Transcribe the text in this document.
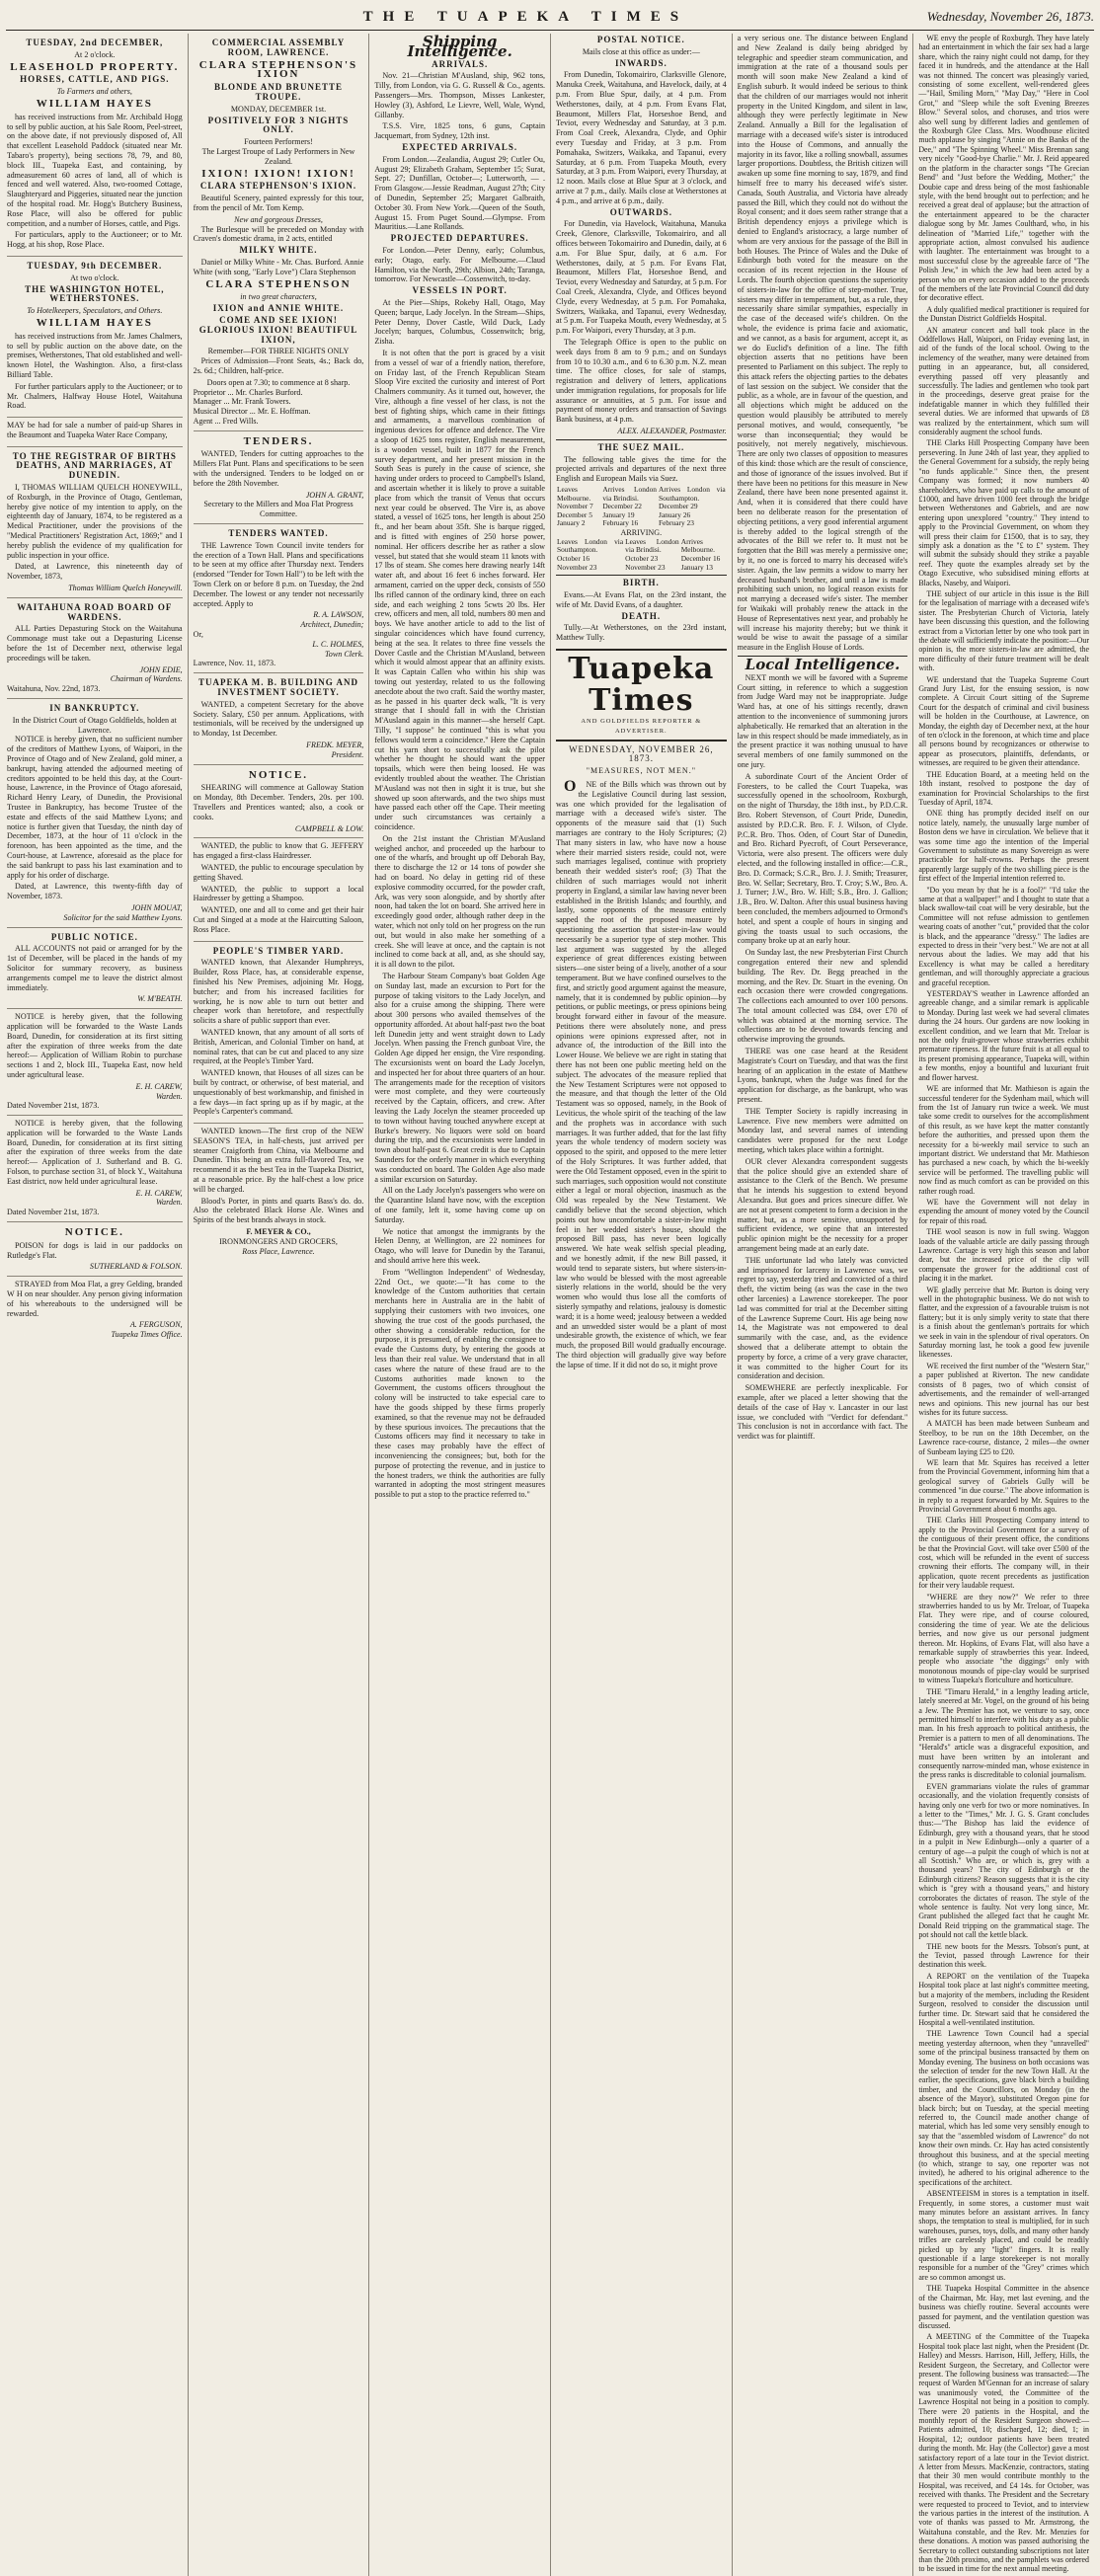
THE TUAPEKA TIMES	Wednesday, November 26, 1873.
TUESDAY, 2nd DECEMBER,
At 2 o'clock.
LEASEHOLD PROPERTY.
HORSES, CATTLE, AND PIGS.
To Farmers and others,
WILLIAM HAYES

has received instructions from Mr. Archibald Hogg to sell by public auction, at his Sale Room, Peel-street, on the above date, if not previously disposed of, All that excellent Leasehold Paddock (situated near Mr. Tabaro's property), being sections 78, 79, and 80, block III., Tuapeka East, and containing, by admeasurement 60 acres of land, all of which is fenced and well watered. Also, two-roomed Cottage, Slaughteryard and Piggeries, situated near the junction of the hospital road. Mr. Hogg's Butchery Business, Rose Place, will also be offered for public competition, and a number of Horses, cattle, and Pigs.

For particulars, apply to the Auctioneer; or to Mr. Hogg, at his shop, Rose Place.

TUESDAY, 9th DECEMBER.
At two o'clock.
THE WASHINGTON HOTEL, WETHERSTONES.
To Hotelkeepers, Speculators, and Others.
WILLIAM HAYES

has received instructions from Mr. James Chalmers, to sell by public auction on the above date, on the premises, Wetherstones, That old established and well-known Hotel, the Washington. Also, a first-class Billiard Table.

For further particulars apply to the Auctioneer; or to Mr. Chalmers, Halfway House Hotel, Waitahuna Road.

MAY be had for sale a number of paid-up Shares in the Beaumont and Tuapeka Water Race Company,

TO THE REGISTRAR OF BIRTHS DEATHS, AND MARRIAGES, AT DUNEDIN.

I, THOMAS WILLIAM QUELCH HONEYWILL, of Roxburgh, in the Province of Otago, Gentleman, hereby give notice of my intention to apply, on the eighteenth day of January, 1874, to be registered as a Medical Practitioner, under the provisions of the "Medical Practitioners' Registration Act, 1869;" and I hereby publish the evidence of my qualification for public inspection in your office.

Dated, at Lawrence, this nineteenth day of November, 1873,

Thomas William Quelch Honeywill.
WAITAHUNA ROAD BOARD OF WARDENS.

ALL Parties Depasturing Stock on the Waitahuna Commonage must take out a Depasturing License before the 1st of December next, otherwise legal proceedings will be taken.

JOHN EDIE,
Chairman of Wardens.
Waitahuna, Nov. 22nd, 1873.
IN BANKRUPTCY.
In the District Court of Otago Goldfields, holden at Lawrence.

NOTICE is hereby given, that no sufficient number of the creditors of Matthew Lyons, of Waipori, in the Province of Otago and of New Zealand, gold miner, a bankrupt, having attended the adjourned meeting of creditors appointed to be held this day, at the Court-house, Lawrence, in the Province of Otago aforesaid, Richard Henry Leary, of Dunedin, the Provisional Trustee in Bankruptcy, has become Trustee of the estate and effects of the said Matthew Lyons; and notice is further given that Tuesday, the ninth day of December, 1873, at the hour of 11 o'clock in the forenoon, has been appointed as the time, and the Court-house, at Lawrence, aforesaid as the place for the said bankrupt to pass his last examination and to apply for his order of discharge.

Dated, at Lawrence, this twenty-fifth day of November, 1873.

JOHN MOUAT,
Solicitor for the said Matthew Lyons.
PUBLIC NOTICE.

ALL ACCOUNTS not paid or arranged for by the 1st of December, will be placed in the hands of my Solicitor for summary recovery, as business arrangements compel me to leave the district almost immediately.

W. M'BEATH.

NOTICE is hereby given, that the following application will be forwarded to the Waste Lands Board, Dunedin, for consideration at its first sitting after the expiration of three weeks from the date hereof:— Application of William Robin to purchase sections 1 and 2, block III., Tuapeka East, now held under agricultural lease.

E. H. CAREW,
Warden.
Dated November 21st, 1873.

NOTICE is hereby given, that the following application will be forwarded to the Waste Lands Board, Dunedin, for consideration at its first sitting after the expiration of three weeks from the date hereof:— Application of J. Sutherland and B. G. Folson, to purchase section 31, of block Y., Waitahuna East district, now held under agricultural lease.

E. H. CAREW,
Warden.
Dated November 21st, 1873.
NOTICE.

POISON for dogs is laid in our paddocks on Rutledge's Flat.

SUTHERLAND & FOLSON.

STRAYED from Moa Flat, a grey Gelding, branded W H on near shoulder. Any person giving information of his whereabouts to the undersigned will be rewarded.

A. FERGUSON,
Tuapeka Times Office.
COMMERCIAL ASSEMBLY ROOM, LAWRENCE.
CLARA STEPHENSON'S IXION
BLONDE AND BRUNETTE TROUPE.
MONDAY, DECEMBER 1st.
POSITIVELY FOR 3 NIGHTS ONLY.
Fourteen Performers!
The Largest Troupe of Lady Performers in New Zealand.
IXION! IXION! IXION!
CLARA STEPHENSON'S IXION.

Beautiful Scenery, painted expressly for this tour, from the pencil of Mr. Tom Kemp.

New and gorgeous Dresses,

The Burlesque will be preceded on Monday with Craven's domestic drama, in 2 acts, entitled

MILKY WHITE.

Daniel or Milky White - Mr. Chas. Burford. Annie White (with song, "Early Love") Clara Stephenson

CLARA STEPHENSON
in two great characters,
IXION and ANNIE WHITE.
COME AND SEE IXION! GLORIOUS IXION! BEAUTIFUL IXION,
Remember—FOR THREE NIGHTS ONLY

Prices of Admission—Front Seats, 4s.; Back do, 2s. 6d.; Children, half-price.

Doors open at 7.30; to commence at 8 sharp.
Proprietor ... Mr. Charles Burford.
Manager ... Mr. Frank Towers.
Musical Director ... Mr. E. Hoffman.
Agent ... Fred Wills.
TENDERS.

WANTED, Tenders for cutting approaches to the Millers Flat Punt. Plans and specifications to be seen with the undersigned. Tenders to be lodged on or before the 28th November.

JOHN A. GRANT,
Secretary to the Millers and Moa Flat Progress Committee.
TENDERS WANTED.

THE Lawrence Town Council invite tenders for the erection of a Town Hall. Plans and specifications to be seen at my office after Thursday next. Tenders (endorsed "Tender for Town Hall") to be left with the Town Clerk on or before 8 p.m. on Tuesday, the 2nd December. The lowest or any tender not necessarily accepted. Apply to

R. A. LAWSON,
Architect, Dunedin;
Or,
L. C. HOLMES,
Town Clerk.
Lawrence, Nov. 11, 1873.
TUAPEKA M. B. BUILDING AND INVESTMENT SOCIETY.

WANTED, a competent Secretary for the above Society. Salary, £50 per annum. Applications, with testimonials, will be received by the undersigned up to Monday, 1st December.

FREDK. MEYER,
President.
NOTICE.

SHEARING will commence at Galloway Station on Monday, 8th December. Tenders, 20s. per 100. Travellers and Prentices wanted; also, a cook or cooks.

CAMPBELL & LOW.

WANTED, the public to know that G. JEFFERY has engaged a first-class Hairdresser.

WANTED, the public to encourage speculation by getting Shaved.

WANTED, the public to support a local Hairdresser by getting a Shampoo.

WANTED, one and all to come and get their hair Cut and Singed at a mode at the Haircutting Saloon, Ross Place.

PEOPLE'S TIMBER YARD.

WANTED known, that Alexander Humphreys, Builder, Ross Place, has, at considerable expense, finished his New Premises, adjoining Mr. Hogg, butcher; and from his increased facilities for working, he is now able to turn out better and cheaper work than heretofore, and respectfully solicits a share of public support than ever.

WANTED known, that any amount of all sorts of British, American, and Colonial Timber on hand, at nominal rates, that can be cut and placed to any size required, at the People's Timber Yard.

WANTED known, that Houses of all sizes can be built by contract, or otherwise, of best material, and unquestionably of best workmanship, and finished in a few days—in fact spring up as if by magic, at the People's Carpenter's command.

WANTED known—The first crop of the NEW SEASON'S TEA, in half-chests, just arrived per steamer Craigforth from China, via Melbourne and Dunedin. This being an extra full-flavored Tea, we recommend it as the best Tea in the Tuapeka District, at a reasonable price. By the half-chest a low price will be charged.

Blood's Porter, in pints and quarts Bass's do. do. Also the celebrated Black Horse Ale. Wines and Spirits of the best brands always in stock.

F. MEYER & CO.,
IRONMONGERS AND GROCERS,
Ross Place, Lawrence.
Shipping Intelligence.
ARRIVALS.

Nov. 21—Christian M'Ausland, ship, 962 tons, Tilly, from London, via G. G. Russell & Co., agents. Passengers—Mrs. Thompson, Misses Lankester, Howley (3), Ashford, Le Lievre, Well, Wale, Wynd, Gillanby.

T.S.S. Vire, 1825 tons, 6 guns, Captain Jacquemart, from Sydney, 12th inst.

EXPECTED ARRIVALS.

From London.—Zealandia, August 29; Cutler Ou, August 29; Elizabeth Graham, September 15; Surat, Sept. 27; Dunfillan, October—; Lutterworth, — . From Glasgow.—Jessie Readman, August 27th; City of Dunedin, September 25; Margaret Galbraith, October 30. From New York.—Queen of the South, August 15. From Puget Sound.—Glympse. From Mauritius.—Lane Rollands.

PROJECTED DEPARTURES.

For London.—Peter Denny, early; Columbus, early; Otago, early. For Melbourne.—Claud Hamilton, via the North, 29th; Albion, 24th; Taranga, tomorrow. For Newcastle—Cossenwitch, to-day.

VESSELS IN PORT.

At the Pier—Ships, Rokeby Hall, Otago, May Queen; barque, Lady Jocelyn. In the Stream—Ships, Peter Denny, Dover Castle, Wild Duck, Lady Jocelyn; barques, Columbus, Cossenwitch; brig, Zisha.

It is not often that the port is graced by a visit from a vessel of war of a friendly nation, therefore, on Friday last, of the French Republican Steam Sloop Vire excited the curiosity and interest of Port Chalmers community. As it turned out, however, the Vire, although a fine vessel of her class, is not the best of fighting ships, which came in their fittings and armaments, a marvellous combination of ingenious devices for offence and defence. The Vire a sloop of 1625 tons register, English measurement, is a wooden vessel, built in 1877 for the French survey department, and her present mission in the South Seas is purely in the cause of science, she having under orders to proceed to Campbell's Island, and ascertain whether it is likely to prove a suitable place from which the transit of Venus that occurs next year could be observed. The Vire is, as above stated, a vessel of 1625 tons, her length is about 250 ft., and her beam about 35ft. She is barque rigged, and is fitted with engines of 250 horse power, nominal. Her officers describe her as rather a slow vessel, but stated that she would steam 11 knots with 17 lbs of steam. She comes here drawing nearly 14ft water aft, and about 16 feet 6 inches forward. Her armament, carried on the upper deck, consists of 550 lbs rifled cannon of the ordinary kind, three on each side, and each weighing 2 tons 5cwts 20 lbs. Her crew, officers and men, all told, numbers 80 men and boys. We have another article to add to the list of singular coincidences which have found currency, being at the sea. It relates to three fine vessels the Dover Castle and the Christian M'Ausland, between which it would almost appear that an affinity exists. It was Captain Callen who within his ship was towing out yesterday, related to us the following anecdote about the two craft. Said the worthy master, as he passed in his quarter deck walk, "It is very strange that I should fall in with the Christian M'Ausland again in this manner—she herself Capt. Tilly, "I suppose" he continued "this is what you fellows would term a coincidence." Here the Captain cut his yarn short to successfully ask the pilot whether he thought he should want the upper topsails, which were then being loosed. He was evidently troubled about the weather. The Christian M'Ausland was not then in sight it is true, but she showed up soon afterwards, and the two ships must have passed each other off the Cape. Their meeting under such circumstances was certainly a coincidence.

On the 21st instant the Christian M'Ausland weighed anchor, and proceeded up the harbour to one of the wharfs, and brought up off Deborah Bay, there to discharge the 12 or 14 tons of powder she had on board. No delay in getting rid of these explosive commodity occurred, for the powder craft, Ark, was very soon alongside, and by shortly after noon, had taken the lot on board. She arrived here in exceedingly good order, although rather deep in the water, which not only told on her progress on the run out, but would in also make her something of a creek. She will leave at once, and the captain is not inclined to come back at all, and, as she should say, it is all down to the pilot.

The Harbour Steam Company's boat Golden Age on Sunday last, made an excursion to Port for the purpose of taking visitors to the Lady Jocelyn, and also for a cruise among the shipping. There were about 300 persons who availed themselves of the opportunity afforded. At about half-past two the boat left Dunedin jetty and went straight down to Lady Jocelyn. When passing the French gunboat Vire, the Golden Age dipped her ensign, the Vire responding. The excursionists went on board the Lady Jocelyn, and inspected her for about three quarters of an hour. The arrangements made for the reception of visitors were most complete, and they were courteously received by the Captain, officers, and crew. After leaving the Lady Jocelyn the steamer proceeded up to town without having touched anywhere except at Burke's brewery. No liquors were sold on board during the trip, and the excursionists were landed in town about half-past 6. Great credit is due to Captain Saunders for the orderly manner in which everything was conducted on board. The Golden Age also made a similar excursion on Saturday.

All on the Lady Jocelyn's passengers who were on the Quarantine Island have now, with the exception of one family, left it, some having come up on Saturday.

We notice that amongst the immigrants by the Helen Denny, at Wellington, are 22 nominees for Otago, who will leave for Dunedin by the Taranui, and should arrive here this week.

From "Wellington Independent" of Wednesday, 22nd Oct., we quote:—"It has come to the knowledge of the Custom authorities that certain merchants here in Australia are in the habit of supplying their customers with two invoices, one showing the true cost of the goods purchased, the other showing a considerable reduction, for the purpose, it is presumed, of enabling the consignee to evade the Customs duty, by entering the goods at less than their real value. We understand that in all cases where the nature of these fraud are to the Customs authorities made known to the Government, the customs officers throughout the colony will be instructed to take especial care to have the goods shipped by these firms properly examined, so that the revenue may not be defrauded by these spurious invoices. The precautions that the Customs officers may find it necessary to take in these cases may probably have the effect of inconveniencing the consignees; but, both for the purpose of protecting the revenue, and in justice to the honest traders, we think the authorities are fully warranted in adopting the most stringent measures possible to put a stop to the practice referred to."

POSTAL NOTICE.
Mails close at this office as under:—
INWARDS.

From Dunedin, Tokomairiro, Clarksville Glenore, Manuka Creek, Waitahuna, and Havelock, daily, at 4 p.m. From Blue Spur, daily, at 4 p.m. From Wetherstones, daily, at 4 p.m. From Evans Flat, Beaumont, Millers Flat, Horseshoe Bend, and Teviot, every Wednesday and Saturday, at 3 p.m. From Coal Creek, Alexandra, Clyde, and Ophir every Tuesday and Friday, at 3 p.m. From Pomahaka, Switzers, Waikaka, and Tapanui, every Saturday, at 6 p.m. From Tuapeka Mouth, every Saturday, at 3 p.m. From Waipori, every Thursday, at 12 noon. Mails close at Blue Spur at 3 o'clock, and arrive at 7 p.m., daily. Mails close at Wetherstones at 4 p.m., and arrive at 6 p.m., daily.

OUTWARDS.

For Dunedin, via Havelock, Waitahuna, Manuka Creek, Glenore, Clarksville, Tokomairiro, and all offices between Tokomairiro and Dunedin, daily, at 6 a.m. For Blue Spur, daily, at 6 a.m. For Wetherstones, daily, at 5 p.m. For Evans Flat, Beaumont, Millers Flat, Horseshoe Bend, and Teviot, every Wednesday and Saturday, at 5 p.m. For Coal Creek, Alexandra, Clyde, and Offices beyond Clyde, every Wednesday, at 5 p.m. For Pomahaka, Switzers, Waikaka, and Tapanui, every Wednesday, at 5 p.m. For Tuapeka Mouth, every Wednesday, at 5 p.m. For Waipori, every Thursday, at 3 p.m.

The Telegraph Office is open to the public on week days from 8 am to 9 p.m.; and on Sundays from 10 to 10.30 a.m., and 6 to 6.30 p.m. N.Z. mean time. The office closes, for sale of stamps, registration and delivery of letters, applications under immigration regulations, for proposals for life assurance or annuities, at 5 p.m. For issue and payment of money orders and transaction of Savings Bank business, at 4 p.m.

ALEX. ALEXANDER, Postmaster.
THE SUEZ MAIL.

The following table gives the time for the projected arrivals and departures of the next three English and European Mails via Suez.

Leaves Melbourne.	Arrives London via Brindisi.	Arrives London via Southampton.
November 7	December 22	December 29
December 5	January 19	January 26
January 2	February 16	February 23
ARRIVING.
Leaves London via Southampton.	Leaves London via Brindisi.	Arrives Melbourne.
October 16	October 23	December 16
November 23	November 23	January 13
BIRTH.

Evans.—At Evans Flat, on the 23rd instant, the wife of Mr. David Evans, of a daughter.

DEATH.

Tully.—At Wetherstones, on the 23rd instant, Matthew Tully.

Tuapeka Times
AND GOLDFIELDS REPORTER & ADVERTISER.
WEDNESDAY, NOVEMBER 26, 1873.
"MEASURES, NOT MEN."

ONE of the Bills which was thrown out by the Legislative Council during last session, was one which provided for the legalisation of marriage with a deceased wife's sister. The opponents of the measure said that (1) Such marriages are contrary to the Holy Scriptures; (2) That many sisters in law, who have now a house where their married sisters reside, could not, were such marriages legalised, continue with propriety beneath their wedded sister's roof; (3) That the children of such marriages would not inherit property in England, a similar law having never been established in the British Islands; and fourthly, and lastly, some opponents of the measure entirely sapped the root of the proposed measure by questioning the assertion that sister-in-law would necessarily be a superior type of step mother. This last argument was suggested by the alleged experience of great differences existing between sisters—one sister being of a lively, another of a sour temperament. But we have confined ourselves to the first, and strictly good argument against the measure, namely, that it is condemned by public opinion—by petitions, or public meetings, or press opinions being brought forward either in favour of the measure. Petitions there were absolutely none, and press opinions were opinions expressed after, not in advance of, the introduction of the Bill into the Lower House. We believe we are right in stating that there has not been one public meeting held on the subject. The advocates of the measure replied that the New Testament Scriptures were not opposed to the measure, and that though the letter of the Old Testament was so opposed, namely, in the Book of Leviticus, the whole spirit of the teaching of the law and the prophets was in accordance with such marriages. It was further added, that for the last fifty years the whole tendency of modern society was opposed to the spirit, and opposed to the mere letter of the Holy Scriptures. It was further added, that were the Old Testament opposed, even in the spirit to such marriages, such opposition would not constitute either a legal or moral objection, inasmuch as the Old was repealed by the New Testament. We candidly believe that the second objection, which points out how uncomfortable a sister-in-law might feel in her wedded sister's house, should the proposed Bill pass, has never been logically answered. We hate weak selfish special pleading, and we honestly admit, if the new Bill passed, it would tend to separate sisters, but where sisters-in-law who would be blessed with the most agreeable sisterly relations in the world, should be the very women who would thus lose all the comforts of sisterly sympathy and relations, jealousy is domestic ward; it is a home weed; jealousy between a wedded and an unwedded sister would be a plant of most undesirable growth, the existence of which, we fear much, the proposed Bill would gradually encourage. The third objection will gradually give way before the lapse of time. If it did not do so, it might prove

a very serious one. The distance between England and New Zealand is daily being abridged by telegraphic and speedier steam communication, and immigration at the rate of a thousand souls per month will soon make New Zealand a kind of English suburb. It would indeed be serious to think that the children of our marriages would not inherit property in the United Kingdom, and silent in law, although they were perfectly legitimate in New Zealand. Annually a Bill for the legalisation of marriage with a deceased wife's sister is introduced into the House of Commons, and annually the majority in its favor, like a rolling snowball, assumes larger proportions. Doubtless, the British citizen will awaken up some fine morning to say, 1879, and find himself free to marry his deceased wife's sister. Canada, South Australia, and Victoria have already passed the Bill, which they could not do without the Royal consent; and it does seem rather strange that a British dependency enjoys a privilege which is denied to England's aristocracy, a large number of whom are very anxious for the passage of the Bill in both Houses. The Prince of Wales and the Duke of Edinburgh both voted for the measure on the occasion of its recent rejection in the House of Lords. The fourth objection questions the superiority of sisters-in-law for the office of step-mother. True, sisters may differ in temperament, but, as a rule, they necessarily share similar sympathies, especially in the case of the deceased wife's children. On the whole, the evidence is prima facie and axiomatic, and we cannot, as a basis for argument, accept it, as we do Euclid's definition of a line. The fifth objection asserts that no petitions have been presented to Parliament on this subject. The reply to this attack refers the objecting parties to the debates of last session on the subject. We consider that the public, as a whole, are in favour of the question, and all objections which might be adduced on the question would plausibly be attributed to merely personal motives, and would, consequently, "be worse than inconsequential; they would be positively, not merely negatively, mischievous. There are only two classes of opposition to measures of this kind: those which are the result of conscience, and those of ignorance of the issues involved. But if there have been no petitions for this measure in New Zealand, there have been none presented against it. And, when it is considered that there could have been no deliberate reason for the presentation of objecting petitions, a very good inferential argument is thereby added to the logical strength of the advocates of the Bill we refer to. It must not be forgotten that the Bill was merely a permissive one; by it, no one is forced to marry his deceased wife's sister. Again, the law permits a widow to marry her deceased husband's brother, and until a law is made prohibiting such union, no logical reason exists for not marrying a deceased wife's sister. The member for Waikaki will probably renew the attack in the House of Representatives next year, and probably he will increase his majority thereby; but we think it would be wise to await the passage of a similar measure in the English House of Lords.

Local Intelligence.

NEXT month we will be favored with a Supreme Court sitting, in reference to which a suggestion from Judge Ward may not be inappropriate. Judge Ward has, at one of his sittings recently, drawn attention to the inconvenience of summoning jurors alphabetically. He remarked that an alteration in the law in this respect should be made immediately, as in the present practice it was nothing unusual to have several members of one family summoned on the one jury.

A subordinate Court of the Ancient Order of Foresters, to be called the Court Tuapeka, was successfully opened in the schoolroom, Roxburgh, on the night of Thursday, the 18th inst., by P.D.C.R. Bro. Robert Stevenson, of Court Pride, Dunedin, assisted by P.D.C.R. Bro. F. J. Wilson, of Clyde. P.C.R. Bro. Thos. Oden, of Court Star of Dunedin, and Bro. Richard Pyecroft, of Court Perseverance, Victoria, were also present. The officers were duly elected, and the following installed in office:—C.R., Bro. D. Cormack; S.C.R., Bro. J. J. Smith; Treasurer, Bro. W. Sellar; Secretary, Bro. T. Croy; S.W., Bro. A. J. Turner; J.W., Bro. W. Hill; S.B., Bro. J. Gallion; J.B., Bro. W. Dalton. After this usual business having been concluded, the members adjourned to Ormond's hotel, and spent a couple of hours in singing and giving the toasts usual to such occasions, the company broke up at an early hour.

On Sunday last, the new Presbyterian First Church congregation entered their new and splendid building. The Rev. Dr. Begg preached in the morning, and the Rev. Dr. Stuart in the evening. On each occasion there were crowded congregations. The collections each amounted to over 100 persons. The total amount collected was £84, over £70 of which was obtained at the morning service. The collections are to be devoted towards fencing and otherwise improving the grounds.

THERE was one case heard at the Resident Magistrate's Court on Tuesday, and that was the first hearing of an application in the estate of Matthew Lyons, bankrupt, when the Judge was fined for the application for discharge, as the bankrupt, who was present.

THE Tempter Society is rapidly increasing in Lawrence. Five new members were admitted on Monday last, and several names of intending candidates were proposed for the next Lodge meeting, which takes place within a fortnight.

OUR clever Alexandra correspondent suggests that the police should give an extended share of assistance to the Clerk of the Bench. We presume that he intends his suggestion to extend beyond Alexandra. But goes and prices sinecure differ. We are not at present competent to form a decision in the matter, but, as a more sensitive, unsupported by sufficient evidence, we opine that an interested public opinion might be the necessity for a proper arrangement being made at an early date.

THE unfortunate lad who lately was convicted and imprisoned for larceny in Lawrence was, we regret to say, yesterday tried and convicted of a third theft, the victim being (as was the case in the two other larcenies) a Lawrence storekeeper. The poor lad was committed for trial at the December sitting of the Lawrence Supreme Court. His age being now 14, the Magistrate was not empowered to deal summarily with the case, and, as the evidence showed that a deliberate attempt to obtain the property by force, a crime of a very grave character, it was committed to the higher Court for its consideration and decision.

SOMEWHERE are perfectly inexplicable. For example, after we placed a letter showing that the details of the case of Hay v. Lancaster in our last issue, we concluded with "Verdict for defendant." This conclusion is not in accordance with fact. The verdict was for plaintiff.

WE envy the people of Roxburgh. They have lately had an entertainment in which the fair sex had a large share, which the rainy night could not damp, for they faced it in hundreds, and the attendance at the Hall was not thinned. The concert was pleasingly varied, consisting of some excellent, well-rendered glees—"Hail, Smiling Morn," "May Day," "Here in Cool Grot," and "Sleep while the soft Evening Breezes Blow." Several solos, and choruses, and trios were also well sung by different ladies and gentlemen of the Roxburgh Glee Class. Mrs. Woodhouse elicited much applause by singing "Annie on the Banks of the Dee," and "The Spinning Wheel." Miss Brennan sang very nicely "Good-bye Charlie." Mr. J. Reid appeared on the platform in the character songs "The Grecian Bend" and "Just before the Wedding, Mother;" the Doubie cape and dress being of the most fashionable style, with the bend brought out to perfection; and he received a great deal of applause; but the attraction of the entertainment appeared to be the character dialogue song by Mr. James Coulthard, who, in his delineation of "Married Life," together with the appropriate action, almost convulsed his audience with laughter. The entertainment was brought to a most successful close by the agreeable farce of "The Polish Jew," in which the Jew had been acted by a person who on every occasion added to the proceeds of the members of the late Provincial Council did duty for decorative effect.

A duly qualified medical practitioner is required for the Dunstan District Goldfields Hospital.

AN amateur concert and ball took place in the Oddfellows Hall, Waipori, on Friday evening last, in aid of the funds of the local school. Owing to the inclemency of the weather, many were detained from putting in an appearance, but, all considered, everything passed off very pleasantly and successfully. The ladies and gentlemen who took part in the proceedings, deserve great praise for the indefatigable manner in which they fulfilled their several duties. We are informed that upwards of £8 was realized by the entertainment, which sum will considerably augment the school funds.

THE Clarks Hill Prospecting Company have been persevering. In June 24th of last year, they applied to the General Government for a subsidy, the reply being "no funds applicable." Since then, the present Company was formed; it now numbers 40 shareholders, who have paid up calls to the amount of £1000, and have driven 1000 feet through the bridge between Wetherstones and Gabriels, and are now entering upon unexplored "country." They intend to apply to the Provincial Government, on whom they will press their claim for £1500, that is to say, they simply ask a donation as the "£ to £" system. They will submit the subsidy should they strike a payable reef. They quote the examples already set by the Otago Executive, who subsidised mining efforts at Blacks, Naseby, and Waipori.

THE subject of our article in this issue is the Bill for the legalisation of marriage with a deceased wife's sister. The Presbyterian Church of Victoria, lately have been discussing this question, and the following extract from a Victorian letter by one who took part in the debate will sufficiently indicate the position:—Our opinion is, the more sisters-in-law are admitted, the more difficulty of their future treatment will be dealt with.

WE understand that the Tuapeka Supreme Court Grand Jury List, for the ensuing session, is now complete. A Circuit Court sitting of the Supreme Court for the despatch of criminal and civil business will be holden in the Courthouse, at Lawrence, on Monday, the eighth day of December next, at the hour of ten o'clock in the forenoon, at which time and place all persons bound by recognizances or otherwise to appear as prosecutors, plaintiffs, defendants, or witnesses, are required to be given their attendance.

THE Education Board, at a meeting held on the 18th instant, resolved to postpone the day of examination for Provincial Scholarships to the first Tuesday of April, 1874.

ONE thing has promptly decided itself on our notice lately, namely, the unusually large number of Boston dens we have in circulation. We believe that it was some time ago the intention of the Imperial Government to substitute as many Sovereign as were practicable for half-crowns. Perhaps the present apparently large supply of the two shilling piece is the first effect of the Imperial intention referred to.

"Do you mean by that he is a fool?" "I'd take the same at that a wallpaper!" and I thought to state that a black swallow-tail coat will be very desirable, but the Committee will not refuse admission to gentlemen wearing coats of another "cut," provided that the color is black, and the appearance "dressy." The ladies are expected to dress in their "very best." We are not at all nervous about the ladies. We may add that his Excellency is what may be called a hereditary gentleman, and will thoroughly appreciate a gracious and graceful reception.

YESTERDAY'S weather in Lawrence afforded an agreeable change, and a similar remark is applicable to Monday. During last week we had several climates during the 24 hours. Our gardens are now looking in excellent condition, and we learn that Mr. Treloar is not the only fruit-grower whose strawberries exhibit premature ripeness. If the future fruit is at all equal to its present promising appearance, Tuapeka will, within a few months, enjoy a bountiful and luxuriant fruit and flower harvest.

WE are informed that Mr. Mathieson is again the successful tenderer for the Sydenham mail, which will from the 1st of January run twice a week. We must take some credit to ourselves for the accomplishment of this result, as we have kept the matter constantly before the authorities, and pressed upon them the necessity for a bi-weekly mail service to such an important district. We understand that Mr. Mathieson has purchased a new coach, by which the bi-weekly service will be performed. The travelling public will now find as much comfort as can be provided on this rather rough road.

WE have the Government will not delay in expending the amount of money voted by the Council for repair of this road.

THE wool season is now in full swing. Waggon loads of the valuable article are daily passing through Lawrence. Cartage is very high this season and labor dear, but the increased price of the clip will compensate the grower for the additional cost of placing it in the market.

WE gladly perceive that Mr. Burton is doing very well in the photographic business. We do not wish to flatter, and the expression of a favourable truism is not flattery; but it is only simply verity to state that there is a finish about the gentleman's portraits for which we seek in vain in the splendour of rival operators. On Saturday morning last, he took a good few juvenile likenesses.

WE received the first number of the "Western Star," a paper published at Riverton. The new candidate consists of 8 pages, two of which consist of advertisements, and the remainder of well-arranged news and opinions. This new journal has our best wishes for its future success.

A MATCH has been made between Sunbeam and Steelboy, to be run on the 18th December, on the Lawrence race-course, distance, 2 miles—the owner of Sunbeam laying £25 to £20.

WE learn that Mr. Squires has received a letter from the Provincial Government, informing him that a geological survey of Gabriels Gully will be commenced "in due course." The above information is in reply to a request forwarded by Mr. Squires to the Provincial Government about 6 months ago.

THE Clarks Hill Prospecting Company intend to apply to the Provincial Government for a survey of the contiguous of their present office, the conditions be that the Provincial Govt. will take over £500 of the cost, which will be refunded in the event of success crowning their efforts. The company will, in their application, quote recent precedents as justification for their very laudable request.

"WHERE are they now?" We refer to three strawberries handed to us by Mr. Treloar, of Tuapeka Flat. They were ripe, and of course coloured, considering the time of year. We ate the delicious berries, and now give us our personal judgment thereon. Mr. Hopkins, of Evans Flat, will also have a remarkable supply of strawberries this year. Indeed, people who associate "the diggings" only with monotonous mounds of pipe-clay would be surprised to witness Tuapeka's floriculture and horticulture.

THE "Timaru Herald," in a lengthy leading article, lately sneered at Mr. Vogel, on the ground of his being a Jew. The Premier has not, we venture to say, once permitted himself to interfere with his duty as a public man. In his fresh approach to political antithesis, the Premier is a pattern to men of all denominations. The "Herald's" article was a disgraceful exposition, and must have been written by an intolerant and consequently narrow-minded man, whose existence in the press ranks is discreditable to colonial journalism.

EVEN grammarians violate the rules of grammar occasionally, and the violation frequently consists of having only one verb for two or more nominatives. In a letter to the "Times," Mr. J. G. S. Grant concludes thus:—"The Bishop has laid the evidence of Edinburgh, grey with a thousand years, that he stood in a pulpit in New Edinburgh—only a quarter of a century of age—a pulpit the cough of which is not at all Scottish." Who are, or which is, grey with a thousand years? The city of Edinburgh or the Edinburgh citizens? Reason suggests that it is the city which is "grey with a thousand years," and history corroborates the dictates of reason. The style of the whole sentence is faulty. Not very long since, Mr. Grant published the alleged fact that he caught Mr. Donald Reid tripping on the grammatical stage. The pot should not call the kettle black.

THE new boots for the Messrs. Tobson's punt, at the Teviot, passed through Lawrence for their destination this week.

A REPORT on the ventilation of the Tuapeka Hospital took place at last night's committee meeting, but a majority of the members, including the Resident Surgeon, resolved to consider the discussion until further time. Dr. Stewart said that he considered the Hospital a well-ventilated institution.

THE Lawrence Town Council had a special meeting yesterday afternoon, when they "unravelled" some of the principal business transacted by them on Monday evening. The business on both occasions was the selection of tender for the new Town Hall. At the earlier, the specifications, gave black birch a building timber, and the Councillors, on Monday (in the absence of the Mayor), substituted Oregon pine for black birch; but on Tuesday, at the special meeting referred to, the Council made another change of material, which has led some very sensibly enough to say that the "assembled wisdom of Lawrence" do not know their own minds. Cr. Hay has acted consistently throughout this business, and at the special meeting (to which, strange to say, one reporter was not invited), he adhered to his original adherence to the specifications of the architect.

ABSENTEEISM in stores is a temptation in itself. Frequently, in some stores, a customer must wait many minutes before an assistant arrives. In fancy shops, the temptation to steal is multiplied, for in such warehouses, purses, toys, dolls, and many other handy trifles are carelessly placed, and could be readily picked up by any "light" fingers. It is really questionable if a large storekeeper is not morally responsible for a number of the "Grey" crimes which are so common amongst us.

THE Tuapeka Hospital Committee in the absence of the Chairman, Mr. Hay, met last evening, and the business was chiefly routine. Several accounts were passed for payment, and the ventilation question was discussed.

A MEETING of the Committee of the Tuapeka Hospital took place last night, when the President (Dr. Halley) and Messrs. Harrison, Hill, Jeffery, Hills, the Resident Surgeon, the Secretary, and Collector were present. The following business was transacted:—The request of Warden M'Gennan for an increase of salary was unanimously voted, the Committee of the Lawrence Hospital not being in a position to comply. There were 20 patients in the Hospital, and the monthly report of the Resident Surgeon showed:—Patients admitted, 10; discharged, 12; died, 1; in Hospital, 12; outdoor patients have been treated during the month. Mr. Hay (the Collector) gave a most satisfactory report of a late tour in the Teviot district. A letter from Messrs. MacKenzie, contractors, stating that their 30 men would contribute monthly to the Hospital, was received, and £4 14s. for October, was received with thanks. The President and the Secretary were requested to proceed to Teviot, and to interview the various parties in the interest of the institution. A vote of thanks was passed to Mr. Armstrong, the Waitahuna constable, and the Rev. Mr. Menzies for these donations. A motion was passed authorising the Secretary to collect outstanding subscriptions not later than the 20th proximo, and the pamphlets was ordered to be issued in time for the next annual meeting.
